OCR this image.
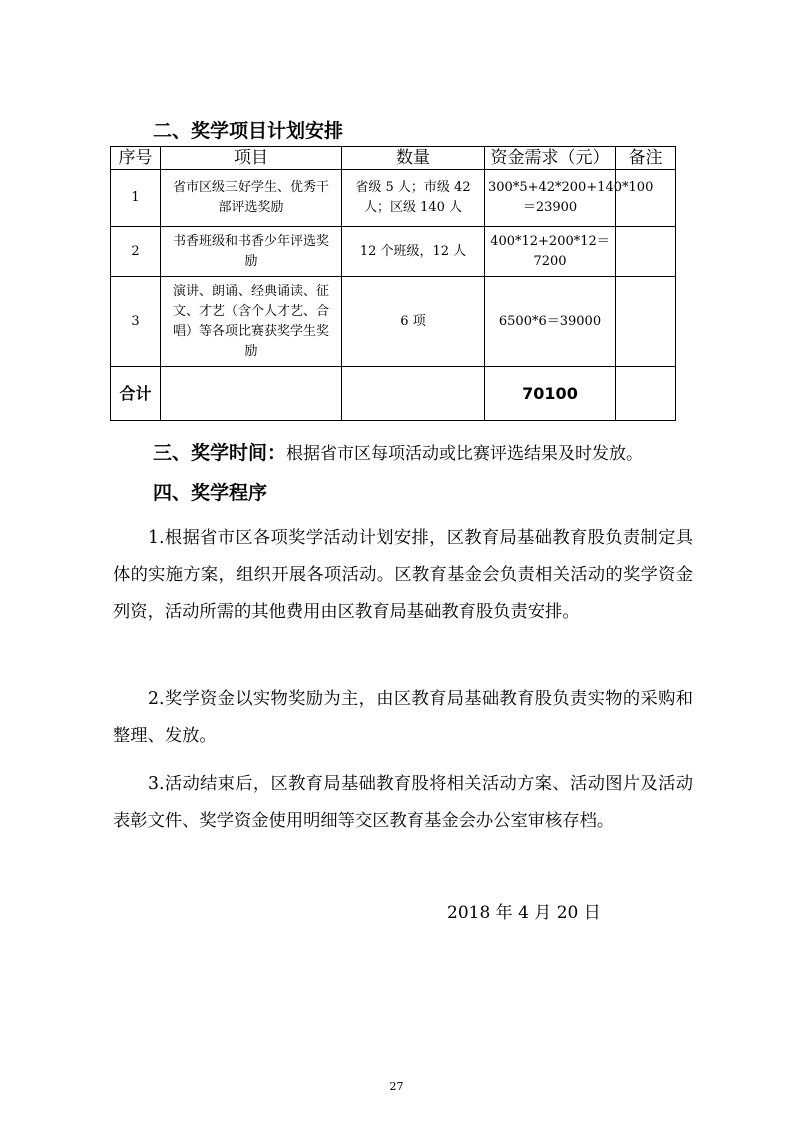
二、奖学项目计划安排
序号	项目	数量	资金需求（元）	备注
1	省市区级三好学生、优秀干部评选奖励	省级 5 人；市级 42 人；区级 140 人	300*5+42*200+140*100＝23900	
2	书香班级和书香少年评选奖励	12 个班级，12 人	400*12+200*12＝7200	
3	演讲、朗诵、经典诵读、征文、才艺（含个人才艺、合唱）等各项比赛获奖学生奖励	6 项	6500*6＝39000	
合计			70100	
三、奖学时间：根据省市区每项活动或比赛评选结果及时发放。
四、奖学程序

1.根据省市区各项奖学活动计划安排，区教育局基础教育股负责制定具体的实施方案，组织开展各项活动。区教育基金会负责相关活动的奖学资金列资，活动所需的其他费用由区教育局基础教育股负责安排。

2.奖学资金以实物奖励为主，由区教育局基础教育股负责实物的采购和整理、发放。

3.活动结束后，区教育局基础教育股将相关活动方案、活动图片及活动表彰文件、奖学资金使用明细等交区教育基金会办公室审核存档。

2018 年 4 月 20 日
27
